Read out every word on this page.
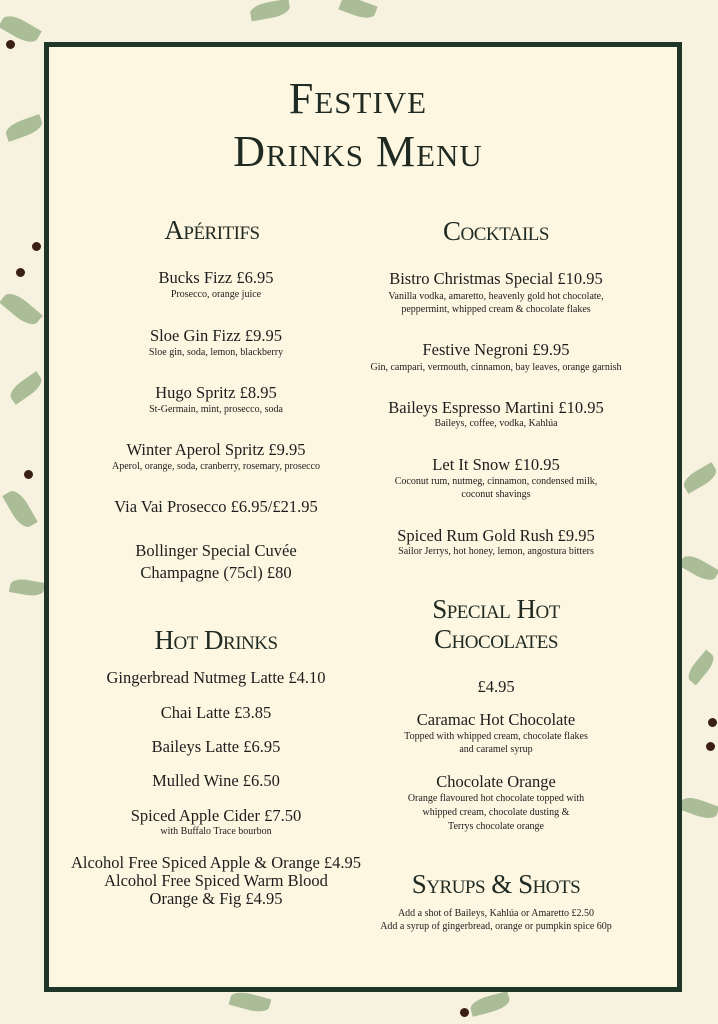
Festive
Drinks Menu
Apéritifs
Bucks Fizz £6.95
Prosecco, orange juice
Sloe Gin Fizz £9.95
Sloe gin, soda, lemon, blackberry
Hugo Spritz £8.95
St-Germain, mint, prosecco, soda
Winter Aperol Spritz £9.95
Aperol, orange, soda, cranberry, rosemary, prosecco
Via Vai Prosecco £6.95/£21.95
Bollinger Special Cuvée
Champagne (75cl) £80
Hot Drinks
Gingerbread Nutmeg Latte £4.10
Chai Latte £3.85
Baileys Latte £6.95
Mulled Wine £6.50
Spiced Apple Cider £7.50
with Buffalo Trace bourbon
Alcohol Free Spiced Apple & Orange £4.95
Alcohol Free Spiced Warm Blood
Orange & Fig £4.95
Cocktails
Bistro Christmas Special £10.95
Vanilla vodka, amaretto, heavenly gold hot chocolate,
peppermint, whipped cream & chocolate flakes
Festive Negroni £9.95
Gin, campari, vermouth, cinnamon, bay leaves, orange garnish
Baileys Espresso Martini £10.95
Baileys, coffee, vodka, Kahlúa
Let It Snow £10.95
Coconut rum, nutmeg, cinnamon, condensed milk,
coconut shavings
Spiced Rum Gold Rush £9.95
Sailor Jerrys, hot honey, lemon, angostura bitters
Special Hot
Chocolates
£4.95
Caramac Hot Chocolate
Topped with whipped cream, chocolate flakes
and caramel syrup
Chocolate Orange
Orange flavoured hot chocolate topped with
whipped cream, chocolate dusting &
Terrys chocolate orange
Syrups & Shots
Add a shot of Baileys, Kahlúa or Amaretto £2.50
Add a syrup of gingerbread, orange or pumpkin spice 60p
